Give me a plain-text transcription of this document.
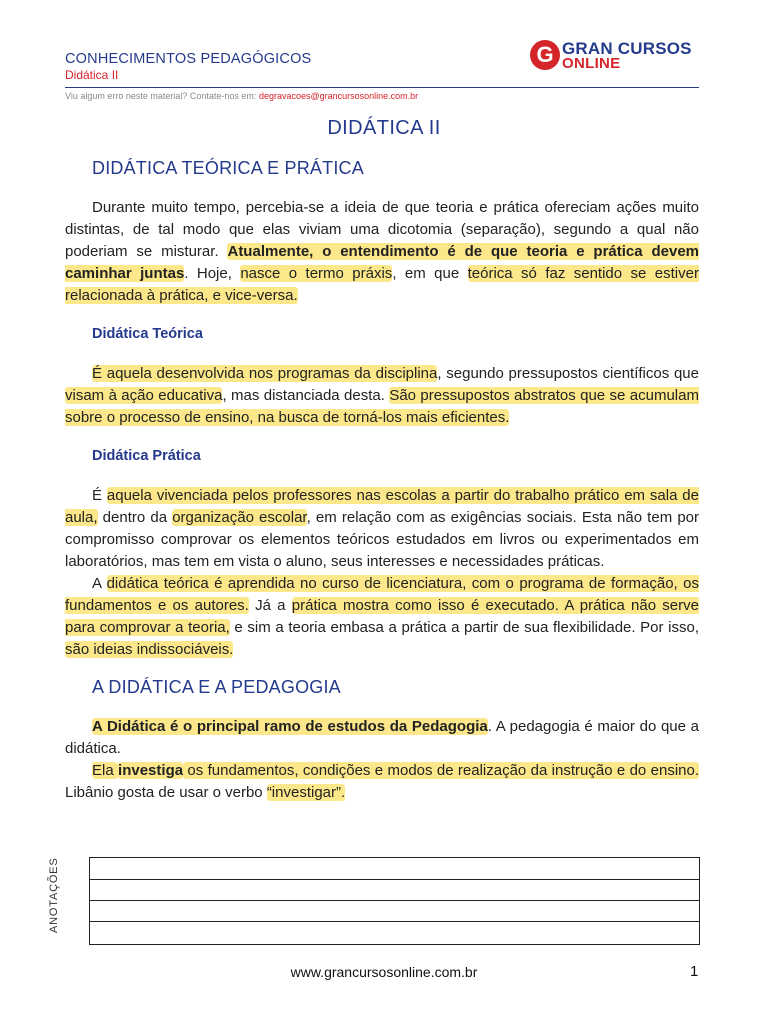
CONHECIMENTOS PEDAGÓGICOS
Didática II
G GRAN CURSOS
ONLINE
Viu algum erro neste material? Contate-nos em: degravacoes@grancursosonline.com.br
DIDÁTICA II
DIDÁTICA TEÓRICA E PRÁTICA
Durante muito tempo, percebia-se a ideia de que teoria e prática ofereciam ações muito distintas, de tal modo que elas viviam uma dicotomia (separação), segundo a qual não poderiam se misturar. Atualmente, o entendimento é de que teoria e prática devem caminhar juntas. Hoje, nasce o termo práxis, em que teórica só faz sentido se estiver relacionada à prática, e vice-versa.
Didática Teórica
É aquela desenvolvida nos programas da disciplina, segundo pressupostos científicos que visam à ação educativa, mas distanciada desta. São pressupostos abstratos que se acumulam sobre o processo de ensino, na busca de torná-los mais eficientes.
Didática Prática
É aquela vivenciada pelos professores nas escolas a partir do trabalho prático em sala de aula, dentro da organização escolar, em relação com as exigências sociais. Esta não tem por compromisso comprovar os elementos teóricos estudados em livros ou experimentados em laboratórios, mas tem em vista o aluno, seus interesses e necessidades práticas.
A didática teórica é aprendida no curso de licenciatura, com o programa de formação, os fundamentos e os autores. Já a prática mostra como isso é executado. A prática não serve para comprovar a teoria, e sim a teoria embasa a prática a partir de sua flexibilidade. Por isso, são ideias indissociáveis.
A DIDÁTICA E A PEDAGOGIA
A Didática é o principal ramo de estudos da Pedagogia. A pedagogia é maior do que a didática.
Ela investiga os fundamentos, condições e modos de realização da instrução e do ensino. Libânio gosta de usar o verbo “investigar”.
ANOTAÇÕES
www.grancursosonline.com.br	1
